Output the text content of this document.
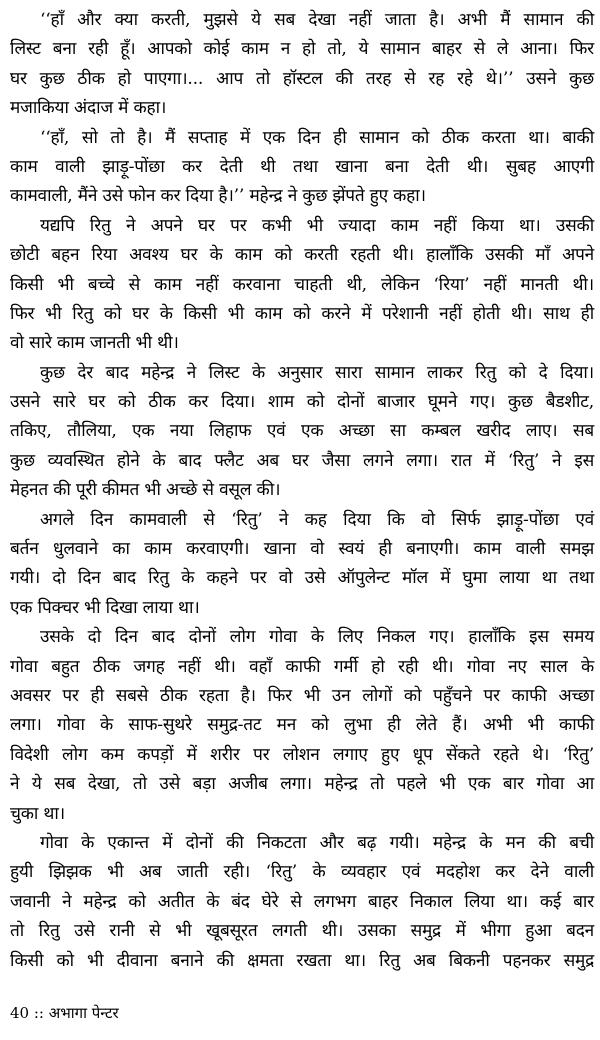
‘‘हाँ और क्या करती, मुझसे ये सब देखा नहीं जाता है। अभी मैं सामान की
लिस्ट बना रही हूँ। आपको कोई काम न हो तो, ये सामान बाहर से ले आना। फिर
घर कुछ ठीक हो पाएगा।... आप तो हॉस्टल की तरह से रह रहे थे।’’ उसने कुछ
मजाकिया अंदाज में कहा।
‘‘हाँ, सो तो है। मैं सप्ताह में एक दिन ही सामान को ठीक करता था। बाकी
काम वाली झाड़ू-पोंछा कर देती थी तथा खाना बना देती थी। सुबह आएगी
कामवाली, मैंने उसे फोन कर दिया है।’’ महेन्द्र ने कुछ झेंपते हुए कहा।
यद्यपि रितु ने अपने घर पर कभी भी ज्यादा काम नहीं किया था। उसकी
छोटी बहन रिया अवश्य घर के काम को करती रहती थी। हालाँकि उसकी माँ अपने
किसी भी बच्चे से काम नहीं करवाना चाहती थी, लेकिन ‘रिया’ नहीं मानती थी।
फिर भी रितु को घर के किसी भी काम को करने में परेशानी नहीं होती थी। साथ ही
वो सारे काम जानती भी थी।
कुछ देर बाद महेन्द्र ने लिस्ट के अनुसार सारा सामान लाकर रितु को दे दिया।
उसने सारे घर को ठीक कर दिया। शाम को दोनों बाजार घूमने गए। कुछ बैडशीट,
तकिए, तौलिया, एक नया लिहाफ एवं एक अच्छा सा कम्बल खरीद लाए। सब
कुछ व्यवस्थित होने के बाद फ्लैट अब घर जैसा लगने लगा। रात में ‘रितु’ ने इस
मेहनत की पूरी कीमत भी अच्छे से वसूल की।
अगले दिन कामवाली से ‘रितु’ ने कह दिया कि वो सिर्फ झाड़ू-पोंछा एवं
बर्तन धुलवाने का काम करवाएगी। खाना वो स्वयं ही बनाएगी। काम वाली समझ
गयी। दो दिन बाद रितु के कहने पर वो उसे ऑपुलेन्ट मॉल में घुमा लाया था तथा
एक पिक्चर भी दिखा लाया था।
उसके दो दिन बाद दोनों लोग गोवा के लिए निकल गए। हालाँकि इस समय
गोवा बहुत ठीक जगह नहीं थी। वहाँ काफी गर्मी हो रही थी। गोवा नए साल के
अवसर पर ही सबसे ठीक रहता है। फिर भी उन लोगों को पहुँचने पर काफी अच्छा
लगा। गोवा के साफ-सुथरे समुद्र-तट मन को लुभा ही लेते हैं। अभी भी काफी
विदेशी लोग कम कपड़ों में शरीर पर लोशन लगाए हुए धूप सेंकते रहते थे। ‘रितु’
ने ये सब देखा, तो उसे बड़ा अजीब लगा। महेन्द्र तो पहले भी एक बार गोवा आ
चुका था।
गोवा के एकान्त में दोनों की निकटता और बढ़ गयी। महेन्द्र के मन की बची
हुयी झिझक भी अब जाती रही। ‘रितु’ के व्यवहार एवं मदहोश कर देने वाली
जवानी ने महेन्द्र को अतीत के बंद घेरे से लगभग बाहर निकाल लिया था। कई बार
तो रितु उसे रानी से भी खूबसूरत लगती थी। उसका समुद्र में भीगा हुआ बदन
किसी को भी दीवाना बनाने की क्षमता रखता था। रितु अब बिकनी पहनकर समुद्र
40 :: अभागा पेन्टर
